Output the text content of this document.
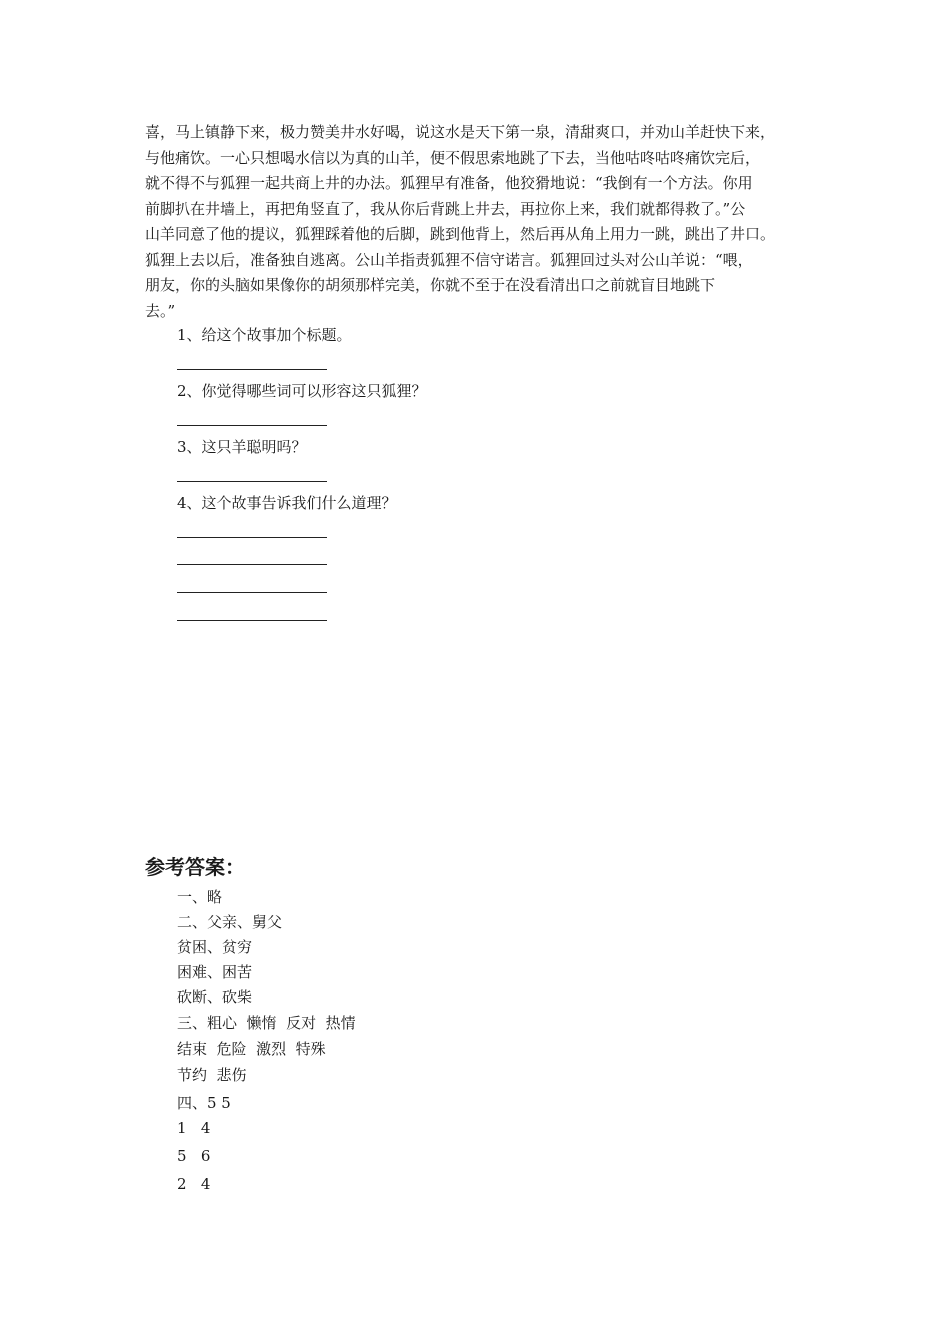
喜，马上镇静下来，极力赞美井水好喝，说这水是天下第一泉，清甜爽口，并劝山羊赶快下来，
与他痛饮。一心只想喝水信以为真的山羊，便不假思索地跳了下去，当他咕咚咕咚痛饮完后，
就不得不与狐狸一起共商上井的办法。狐狸早有准备，他狡猾地说：“我倒有一个方法。你用
前脚扒在井墙上，再把角竖直了，我从你后背跳上井去，再拉你上来，我们就都得救了。”公
山羊同意了他的提议，狐狸踩着他的后脚，跳到他背上，然后再从角上用力一跳，跳出了井口。
狐狸上去以后，准备独自逃离。公山羊指责狐狸不信守诺言。狐狸回过头对公山羊说：“喂，
朋友，你的头脑如果像你的胡须那样完美，你就不至于在没看清出口之前就盲目地跳下
去。”
1、给这个故事加个标题。
2、你觉得哪些词可以形容这只狐狸？
3、这只羊聪明吗？
4、这个故事告诉我们什么道理？
参考答案：
一、略
二、父亲、舅父
贫困、贫穷
困难、困苦
砍断、砍柴
三、粗心  懒惰  反对  热情
结束  危险  激烈  特殊
节约  悲伤
四、5 5
1   4
5   6
2   4
